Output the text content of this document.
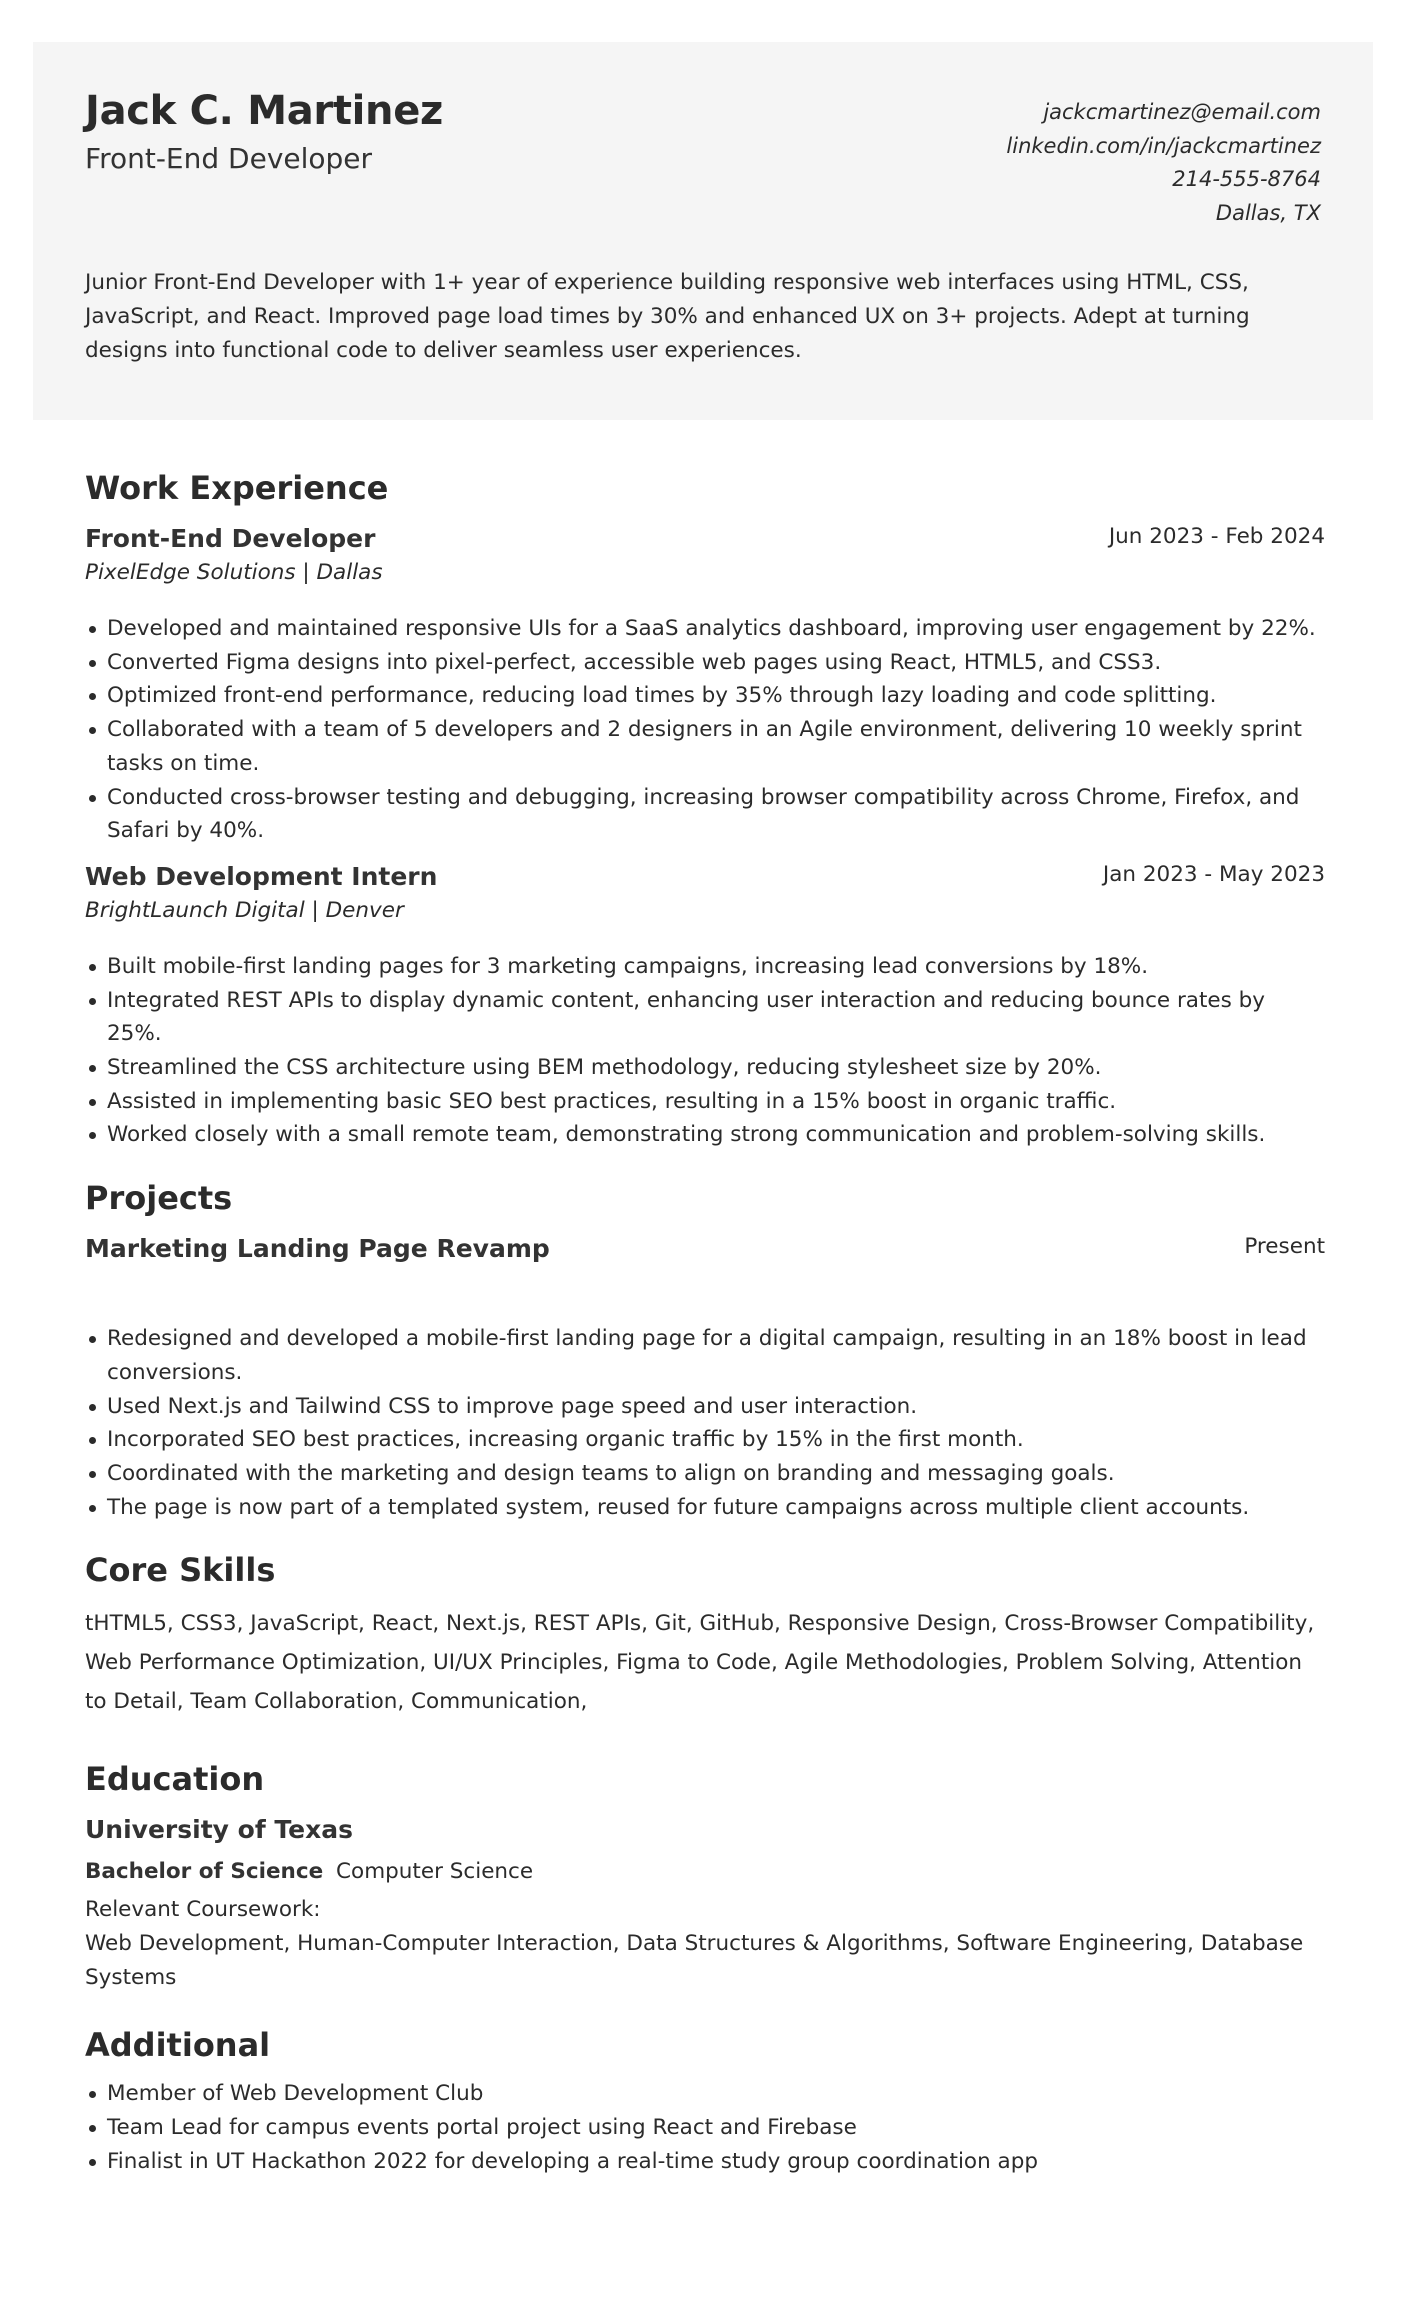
Jack C. Martinez
Front-End Developer
jackcmartinez@email.com
linkedin.com/in/jackcmartinez
214-555-8764
Dallas, TX
Junior Front-End Developer with 1+ year of experience building responsive web interfaces using HTML, CSS, JavaScript, and React. Improved page load times by 30% and enhanced UX on 3+ projects. Adept at turning designs into functional code to deliver seamless user experiences.
Work Experience
Front-End Developer	Jun 2023 - Feb 2024
PixelEdge Solutions | Dallas
Developed and maintained responsive UIs for a SaaS analytics dashboard, improving user engagement by 22%.
Converted Figma designs into pixel-perfect, accessible web pages using React, HTML5, and CSS3.
Optimized front-end performance, reducing load times by 35% through lazy loading and code splitting.
Collaborated with a team of 5 developers and 2 designers in an Agile environment, delivering 10 weekly sprint tasks on time.
Conducted cross-browser testing and debugging, increasing browser compatibility across Chrome, Firefox, and Safari by 40%.
Web Development Intern	Jan 2023 - May 2023
BrightLaunch Digital | Denver
Built mobile-first landing pages for 3 marketing campaigns, increasing lead conversions by 18%.
Integrated REST APIs to display dynamic content, enhancing user interaction and reducing bounce rates by 25%.
Streamlined the CSS architecture using BEM methodology, reducing stylesheet size by 20%.
Assisted in implementing basic SEO best practices, resulting in a 15% boost in organic traffic.
Worked closely with a small remote team, demonstrating strong communication and problem-solving skills.
Projects
Marketing Landing Page Revamp	Present
Redesigned and developed a mobile-first landing page for a digital campaign, resulting in an 18% boost in lead conversions.
Used Next.js and Tailwind CSS to improve page speed and user interaction.
Incorporated SEO best practices, increasing organic traffic by 15% in the first month.
Coordinated with the marketing and design teams to align on branding and messaging goals.
The page is now part of a templated system, reused for future campaigns across multiple client accounts.
Core Skills
tHTML5, CSS3, JavaScript, React, Next.js, REST APIs, Git, GitHub, Responsive Design, Cross-Browser Compatibility, Web Performance Optimization, UI/UX Principles, Figma to Code, Agile Methodologies, Problem Solving, Attention to Detail, Team Collaboration, Communication,
Education
University of Texas
Bachelor of Science Computer Science
Relevant Coursework:
Web Development, Human-Computer Interaction, Data Structures & Algorithms, Software Engineering, Database Systems
Additional
Member of Web Development Club
Team Lead for campus events portal project using React and Firebase
Finalist in UT Hackathon 2022 for developing a real-time study group coordination app
